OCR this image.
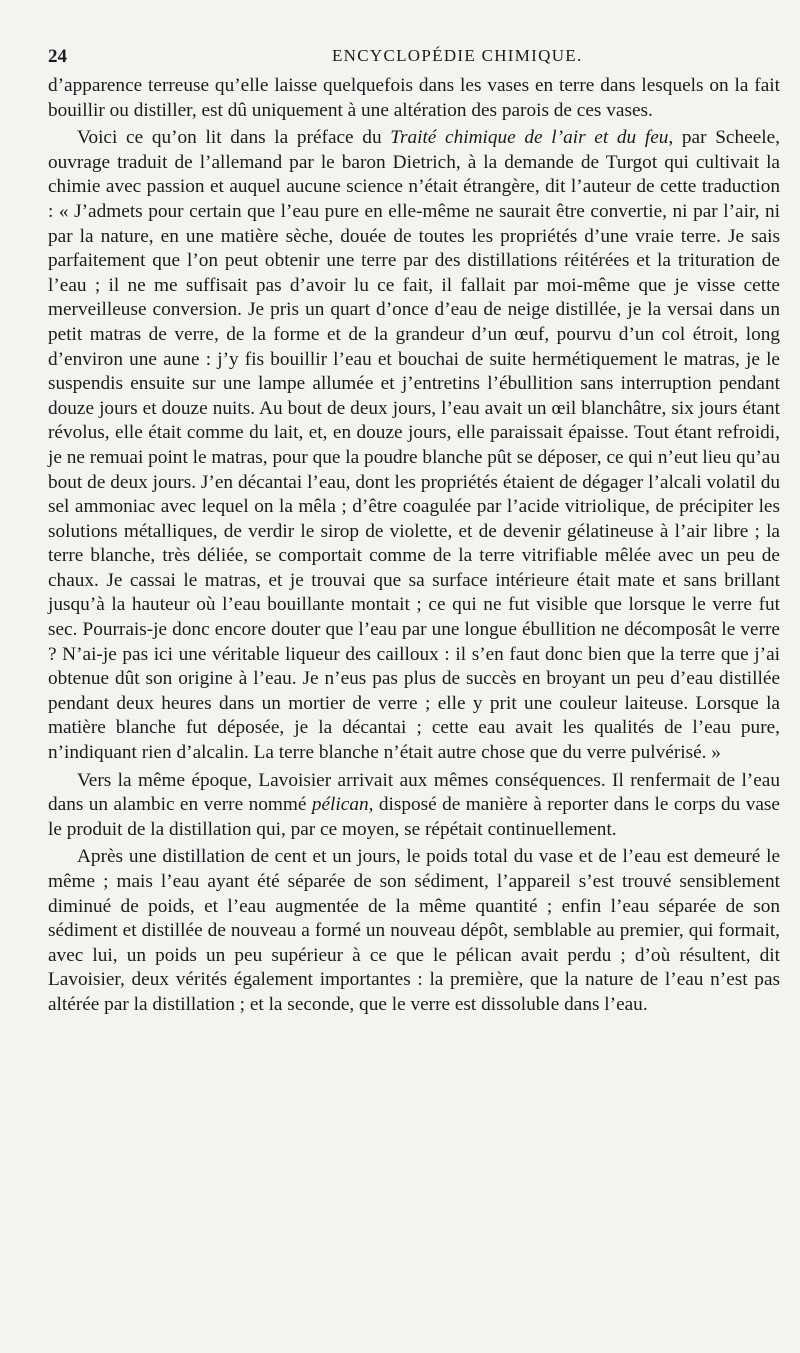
24	ENCYCLOPÉDIE CHIMIQUE.

d’apparence terreuse qu’elle laisse quelquefois dans les vases en terre dans lesquels on la fait bouillir ou distiller, est dû uniquement à une altération des parois de ces vases.

Voici ce qu’on lit dans la préface du Traité chimique de l’air et du feu, par Scheele, ouvrage traduit de l’allemand par le baron Dietrich, à la demande de Turgot qui cultivait la chimie avec passion et auquel aucune science n’était étrangère, dit l’auteur de cette traduction : « J’admets pour certain que l’eau pure en elle-même ne saurait être convertie, ni par l’air, ni par la nature, en une matière sèche, douée de toutes les propriétés d’une vraie terre. Je sais parfaitement que l’on peut obtenir une terre par des distillations réitérées et la trituration de l’eau ; il ne me suffisait pas d’avoir lu ce fait, il fallait par moi-même que je visse cette merveilleuse conversion. Je pris un quart d’once d’eau de neige distillée, je la versai dans un petit matras de verre, de la forme et de la grandeur d’un œuf, pourvu d’un col étroit, long d’environ une aune : j’y fis bouillir l’eau et bouchai de suite hermétiquement le matras, je le suspendis ensuite sur une lampe allumée et j’entretins l’ébullition sans interruption pendant douze jours et douze nuits. Au bout de deux jours, l’eau avait un œil blanchâtre, six jours étant révolus, elle était comme du lait, et, en douze jours, elle paraissait épaisse. Tout étant refroidi, je ne remuai point le matras, pour que la poudre blanche pût se déposer, ce qui n’eut lieu qu’au bout de deux jours. J’en décantai l’eau, dont les propriétés étaient de dégager l’alcali volatil du sel ammoniac avec lequel on la mêla ; d’être coagulée par l’acide vitriolique, de précipiter les solutions métalliques, de verdir le sirop de violette, et de devenir gélatineuse à l’air libre ; la terre blanche, très déliée, se comportait comme de la terre vitrifiable mêlée avec un peu de chaux. Je cassai le matras, et je trouvai que sa surface intérieure était mate et sans brillant jusqu’à la hauteur où l’eau bouillante montait ; ce qui ne fut visible que lorsque le verre fut sec. Pourrais-je donc encore douter que l’eau par une longue ébullition ne décomposât le verre ? N’ai-je pas ici une véritable liqueur des cailloux : il s’en faut donc bien que la terre que j’ai obtenue dût son origine à l’eau. Je n’eus pas plus de succès en broyant un peu d’eau distillée pendant deux heures dans un mortier de verre ; elle y prit une couleur laiteuse. Lorsque la matière blanche fut déposée, je la décantai ; cette eau avait les qualités de l’eau pure, n’indiquant rien d’alcalin. La terre blanche n’était autre chose que du verre pulvérisé. »

Vers la même époque, Lavoisier arrivait aux mêmes conséquences. Il renfermait de l’eau dans un alambic en verre nommé pélican, disposé de manière à reporter dans le corps du vase le produit de la distillation qui, par ce moyen, se répétait continuellement.

Après une distillation de cent et un jours, le poids total du vase et de l’eau est demeuré le même ; mais l’eau ayant été séparée de son sédiment, l’appareil s’est trouvé sensiblement diminué de poids, et l’eau augmentée de la même quantité ; enfin l’eau séparée de son sédiment et distillée de nouveau a formé un nouveau dépôt, semblable au premier, qui formait, avec lui, un poids un peu supérieur à ce que le pélican avait perdu ; d’où résultent, dit Lavoisier, deux vérités également importantes : la première, que la nature de l’eau n’est pas altérée par la distillation ; et la seconde, que le verre est dissoluble dans l’eau.
